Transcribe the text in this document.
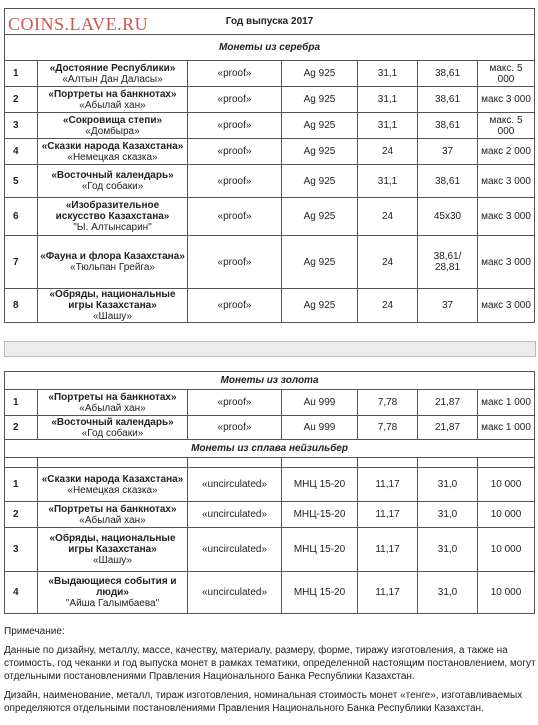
COINS.LAVE.RU	Год выпуска 2017						
Монеты из серебра						
1	«Достояние Республики»
«Алтын Дан Даласы»	«proof»	Ag 925	31,1	38,61	макс. 5 000
2	«Портреты на банкнотах»
«Абылай хан»	«proof»	Ag 925	31,1	38,61	макс 3 000
3	«Сокровища степи»
«Домбыра»	«proof»	Ag 925	31,1	38,61	макс. 5 000
4	«Сказки народа Казахстана»
«Немецкая сказка»	«proof»	Ag 925	24	37	макс 2 000
5	«Восточный календарь»
«Год собаки»	«proof»	Ag 925	31,1	38,61	макс 3 000
6	«Изобразительное искусство Казахстана»
"Ы. Алтынсарин"	«proof»	Ag 925	24	45x30	макс 3 000
7	«Фауна и флора Казахстана»
«Тюльпан Грейга»	«proof»	Ag 925	24	38,61/ 28,81	макс 3 000
8	«Обряды, национальные игры Казахстана»
«Шашу»	«proof»	Ag 925	24	37	макс 3 000
Монеты из золота						
1	«Портреты на банкнотах»
«Абылай хан»	«proof»	Au 999	7,78	21,87	макс 1 000
2	«Восточный календарь»
«Год собаки»	«proof»	Au 999	7,78	21,87	макс 1 000
Монеты из сплава нейзильбер						

1	«Сказки народа Казахстана»
«Немецкая сказка»	«uncirculated»	МНЦ 15-20	11,17	31,0	10 000
2	«Портреты на банкнотах»
«Абылай хан»	«uncirculated»	МНЦ-15-20	11,17	31,0	10 000
3	«Обряды, национальные игры Казахстана»
«Шашу»	«uncirculated»	МНЦ 15-20	11,17	31,0	10 000
4	«Выдающиеся события и люди»
"Айша Галымбаева"	«uncirculated»	МНЦ 15-20	11,17	31,0	10 000
Примечание:
Данные по дизайну, металлу, массе, качеству, материалу, размеру, форме, тиражу изготовления, а также на
стоимость, год чеканки и год выпуска монет в рамках тематики, определенной настоящим постановлением, могут
отдельными постановлениями Правления Национального Банка Республики Казахстан.
Дизайн, наименование, металл, тираж изготовления, номинальная стоимость монет «тенге», изготавливаемых
определяются отдельными постановлениями Правления Национального Банка Республики Казахстан.
